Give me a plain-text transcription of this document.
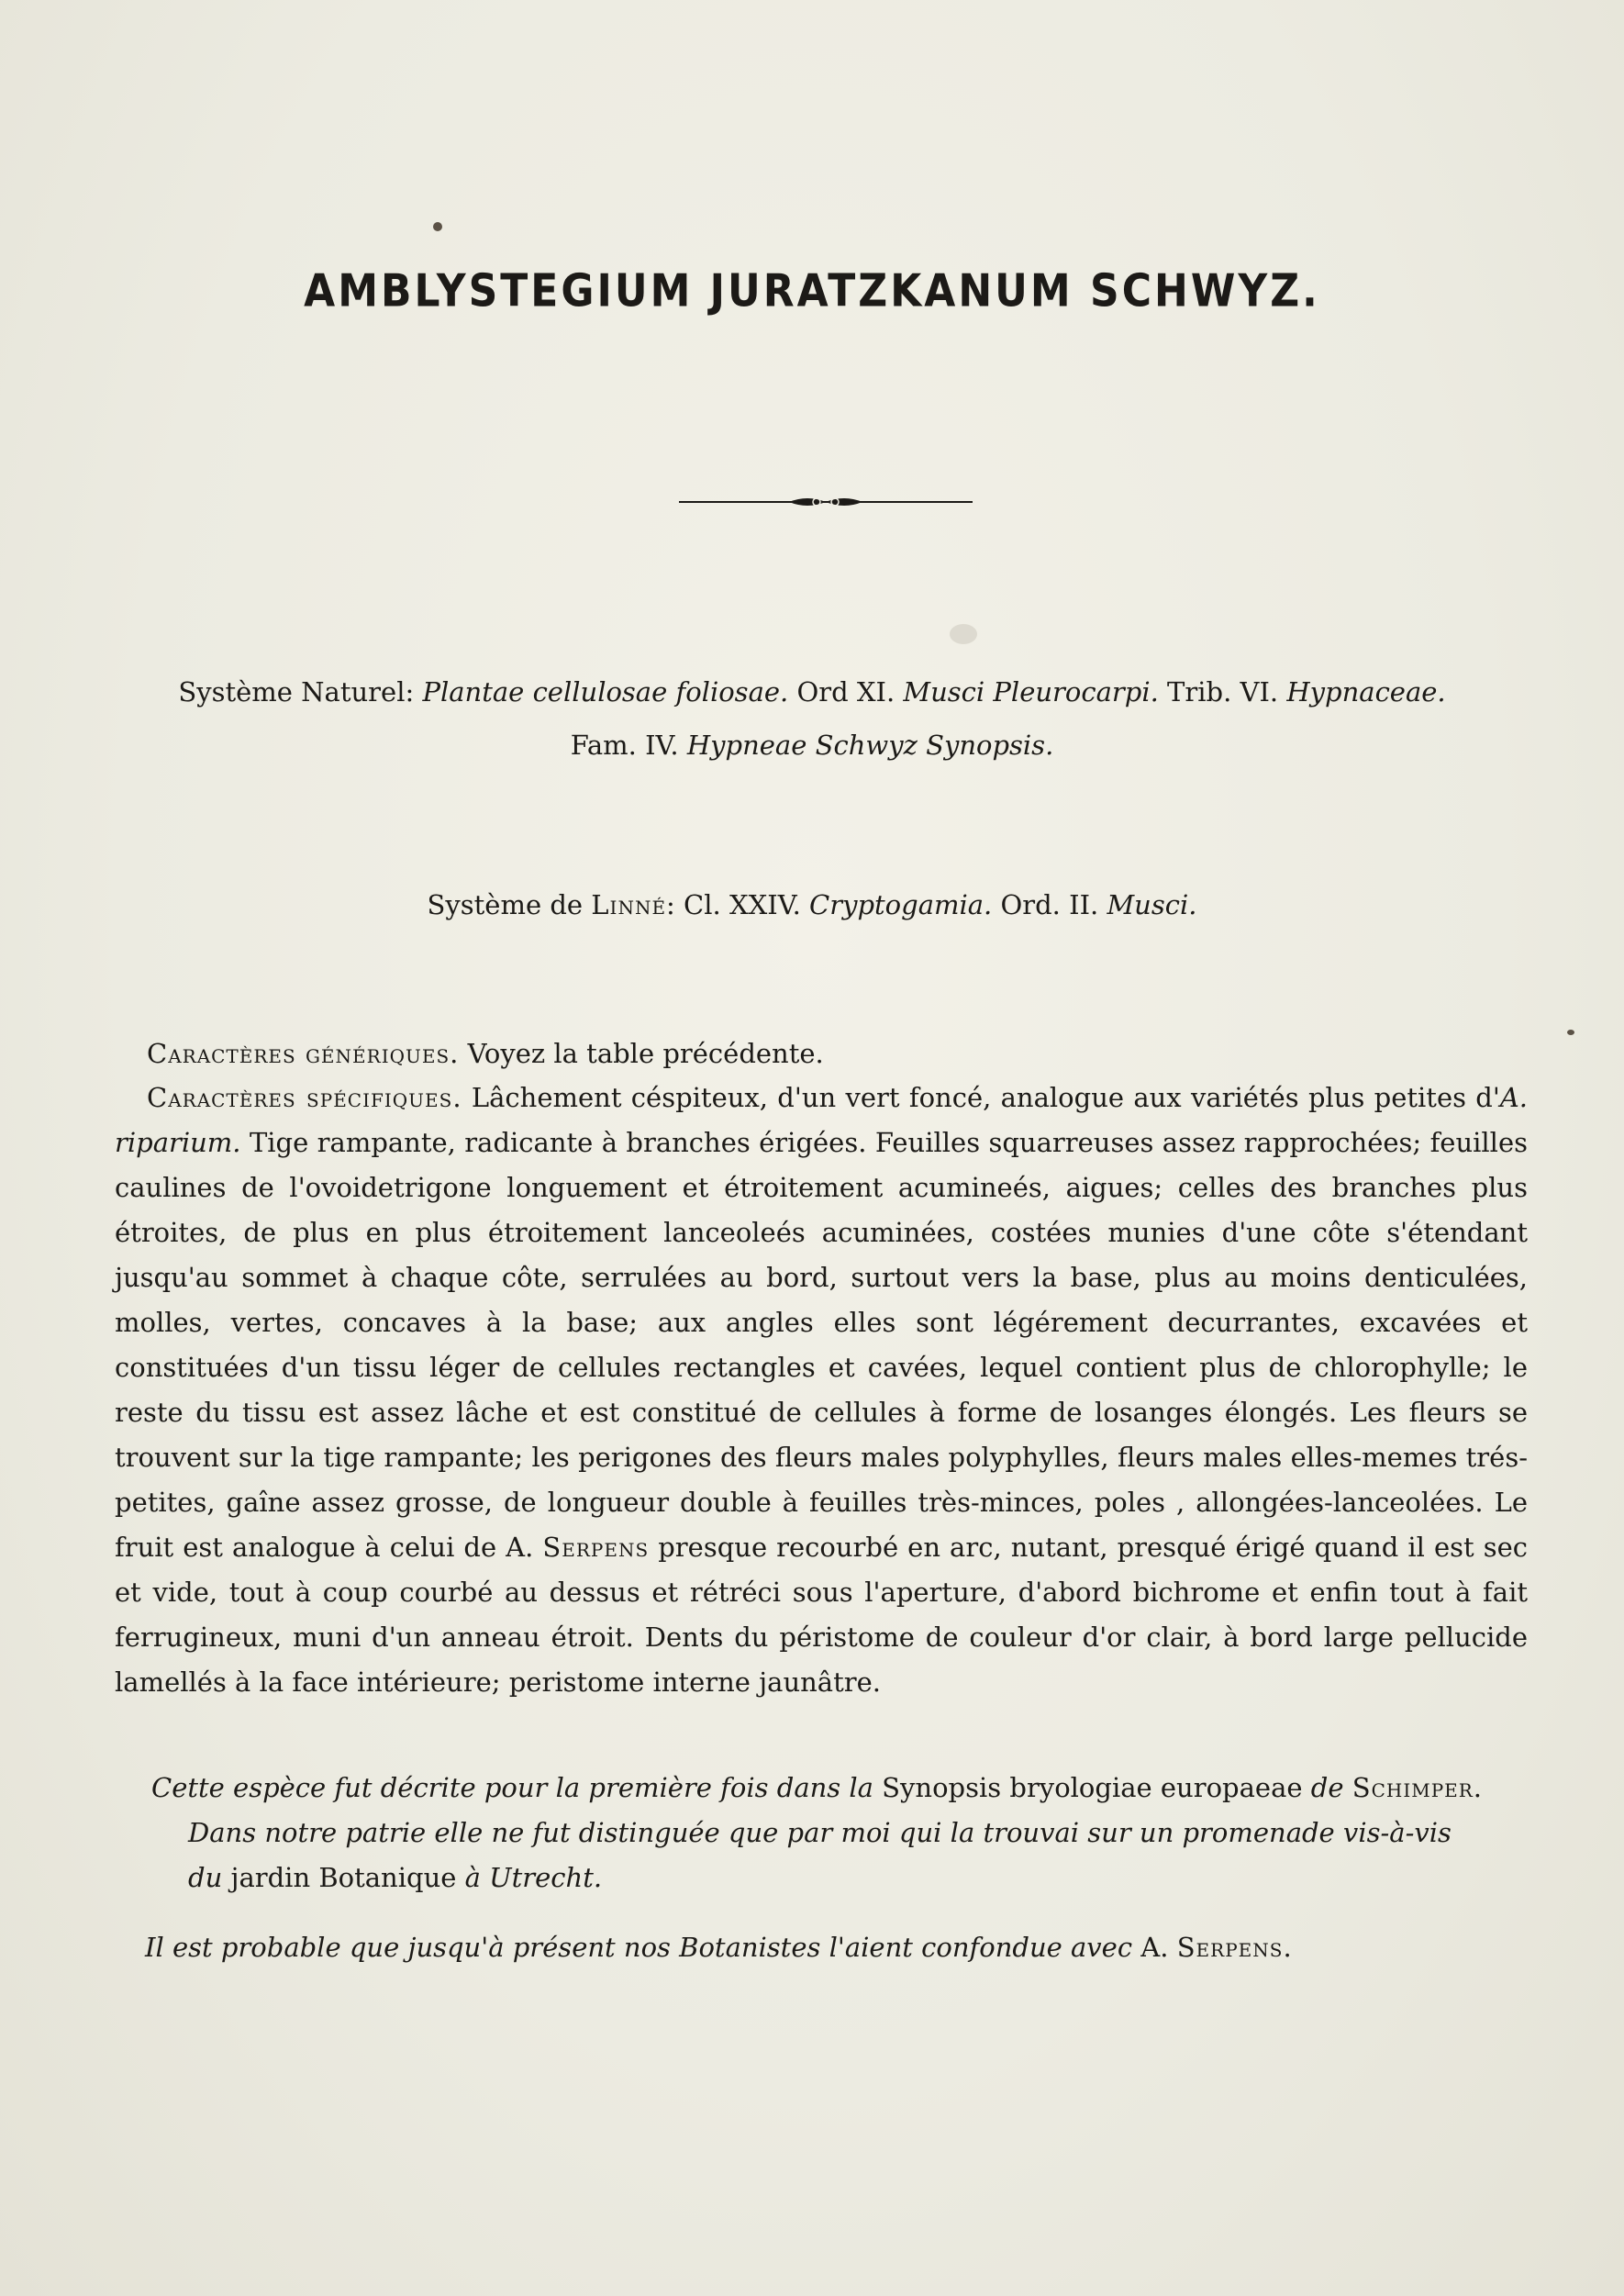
AMBLYSTEGIUM JURATZKANUM SCHWYZ.
Système Naturel: Plantae cellulosae foliosae. Ord XI. Musci Pleurocarpi. Trib. VI. Hypnaceae.
Fam. IV. Hypneae Schwyz Synopsis.
Système de Linné: Cl. XXIV. Cryptogamia. Ord. II. Musci.
Caractères génériques. Voyez la table précédente.
Caractères spécifiques. Lâchement céspiteux, d'un vert foncé, analogue aux variétés plus petites d'A. riparium. Tige rampante, radicante à branches érigées. Feuilles squarreuses assez rapprochées; feuilles caulines de l'ovoidetrigone longuement et étroitement acumineés, aigues; celles des branches plus étroites, de plus en plus étroitement lanceoleés acuminées, costées munies d'une côte s'étendant jusqu'au sommet à chaque côte, serrulées au bord, surtout vers la base, plus au moins denticulées, molles, vertes, concaves à la base; aux angles elles sont légérement decurrantes, excavées et constituées d'un tissu léger de cellules rectangles et cavées, lequel contient plus de chlorophylle; le reste du tissu est assez lâche et est constitué de cellules à forme de losanges élongés. Les fleurs se trouvent sur la tige rampante; les perigones des fleurs males polyphylles, fleurs males elles-memes trés-petites, gaîne assez grosse, de longueur double à feuilles très-minces, poles , allongées-lanceolées. Le fruit est analogue à celui de A. Serpens presque recourbé en arc, nutant, presqué érigé quand il est sec et vide, tout à coup courbé au dessus et rétréci sous l'aperture, d'abord bichrome et enfin tout à fait ferrugineux, muni d'un anneau étroit. Dents du péristome de couleur d'or clair, à bord large pellucide lamellés à la face intérieure; peristome interne jaunâtre.
Cette espèce fut décrite pour la première fois dans la Synopsis bryologiae europaeae de Schimper.
Dans notre patrie elle ne fut distinguée que par moi qui la trouvai sur un promenade vis-à-vis
du jardin Botanique à Utrecht.
Il est probable que jusqu'à présent nos Botanistes l'aient confondue avec A. Serpens.
